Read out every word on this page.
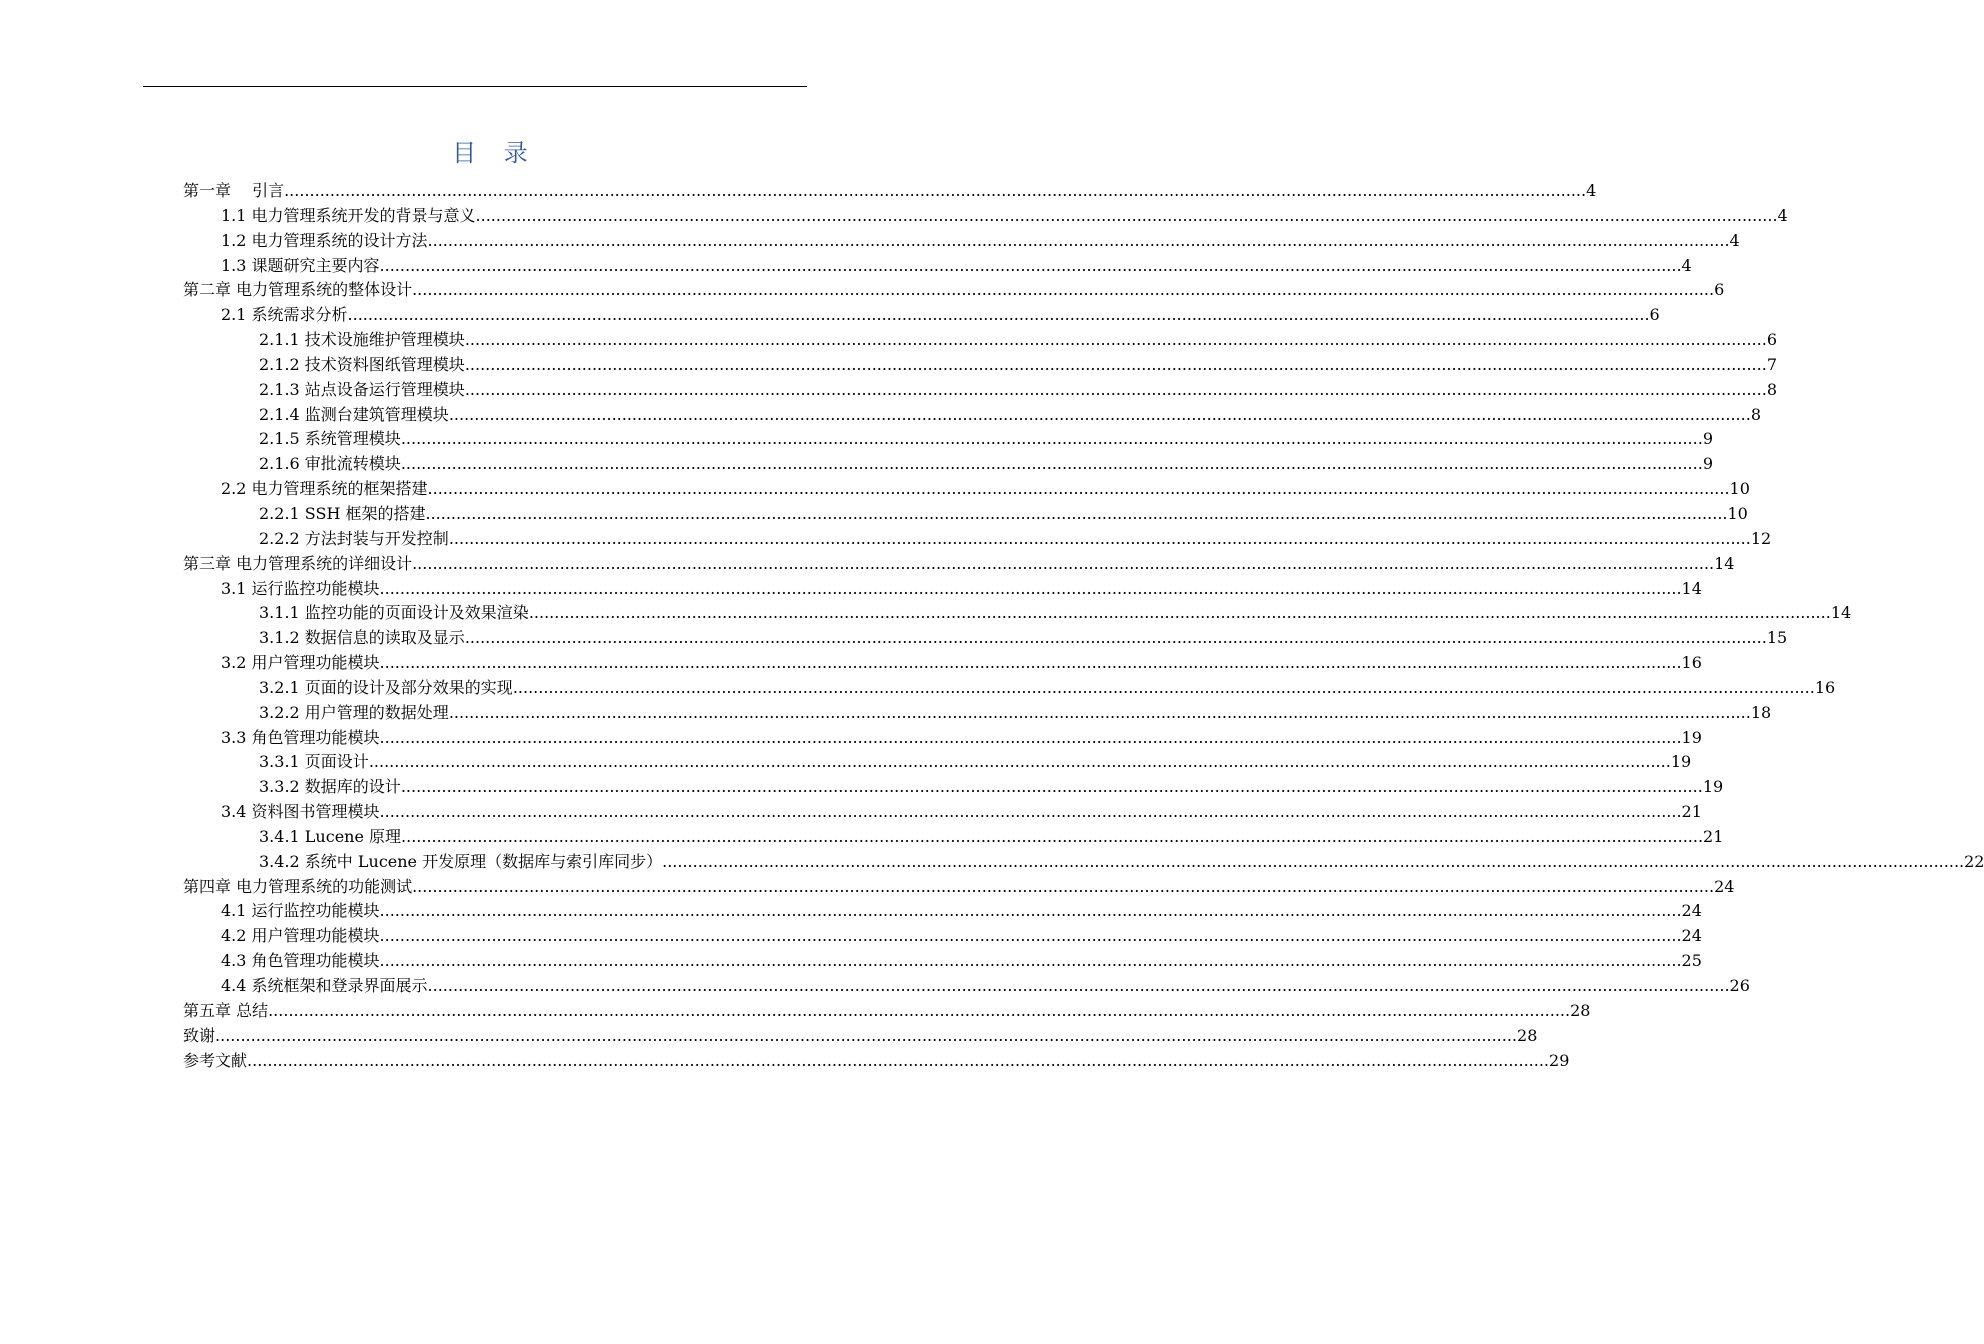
目 录
第一章　 引言 ................................................................................................................................................................................................................................................................ 4
1.1 电力管理系统开发的背景与意义 ................................................................................................................................................................................................................................................................ 4
1.2 电力管理系统的设计方法 ................................................................................................................................................................................................................................................................ 4
1.3 课题研究主要内容 ................................................................................................................................................................................................................................................................ 4
第二章 电力管理系统的整体设计 ................................................................................................................................................................................................................................................................ 6
2.1 系统需求分析 ................................................................................................................................................................................................................................................................ 6
2.1.1 技术设施维护管理模块 ................................................................................................................................................................................................................................................................ 6
2.1.2 技术资料图纸管理模块 ................................................................................................................................................................................................................................................................ 7
2.1.3 站点设备运行管理模块 ................................................................................................................................................................................................................................................................ 8
2.1.4 监测台建筑管理模块 ................................................................................................................................................................................................................................................................ 8
2.1.5 系统管理模块 ................................................................................................................................................................................................................................................................ 9
2.1.6 审批流转模块 ................................................................................................................................................................................................................................................................ 9
2.2 电力管理系统的框架搭建 ................................................................................................................................................................................................................................................................ 10
2.2.1 SSH 框架的搭建 ................................................................................................................................................................................................................................................................ 10
2.2.2 方法封装与开发控制 ................................................................................................................................................................................................................................................................ 12
第三章 电力管理系统的详细设计 ................................................................................................................................................................................................................................................................ 14
3.1 运行监控功能模块 ................................................................................................................................................................................................................................................................ 14
3.1.1 监控功能的页面设计及效果渲染 ................................................................................................................................................................................................................................................................ 14
3.1.2 数据信息的读取及显示 ................................................................................................................................................................................................................................................................ 15
3.2 用户管理功能模块 ................................................................................................................................................................................................................................................................ 16
3.2.1 页面的设计及部分效果的实现 ................................................................................................................................................................................................................................................................ 16
3.2.2 用户管理的数据处理 ................................................................................................................................................................................................................................................................ 18
3.3 角色管理功能模块 ................................................................................................................................................................................................................................................................ 19
3.3.1 页面设计 ................................................................................................................................................................................................................................................................ 19
3.3.2 数据库的设计 ................................................................................................................................................................................................................................................................ 19
3.4 资料图书管理模块 ................................................................................................................................................................................................................................................................ 21
3.4.1 Lucene 原理 ................................................................................................................................................................................................................................................................ 21
3.4.2 系统中 Lucene 开发原理（数据库与索引库同步） ................................................................................................................................................................................................................................................................ 22
第四章 电力管理系统的功能测试 ................................................................................................................................................................................................................................................................ 24
4.1 运行监控功能模块 ................................................................................................................................................................................................................................................................ 24
4.2 用户管理功能模块 ................................................................................................................................................................................................................................................................ 24
4.3 角色管理功能模块 ................................................................................................................................................................................................................................................................ 25
4.4 系统框架和登录界面展示 ................................................................................................................................................................................................................................................................ 26
第五章 总结 ................................................................................................................................................................................................................................................................ 28
致谢 ................................................................................................................................................................................................................................................................ 28
参考文献 ................................................................................................................................................................................................................................................................ 29
